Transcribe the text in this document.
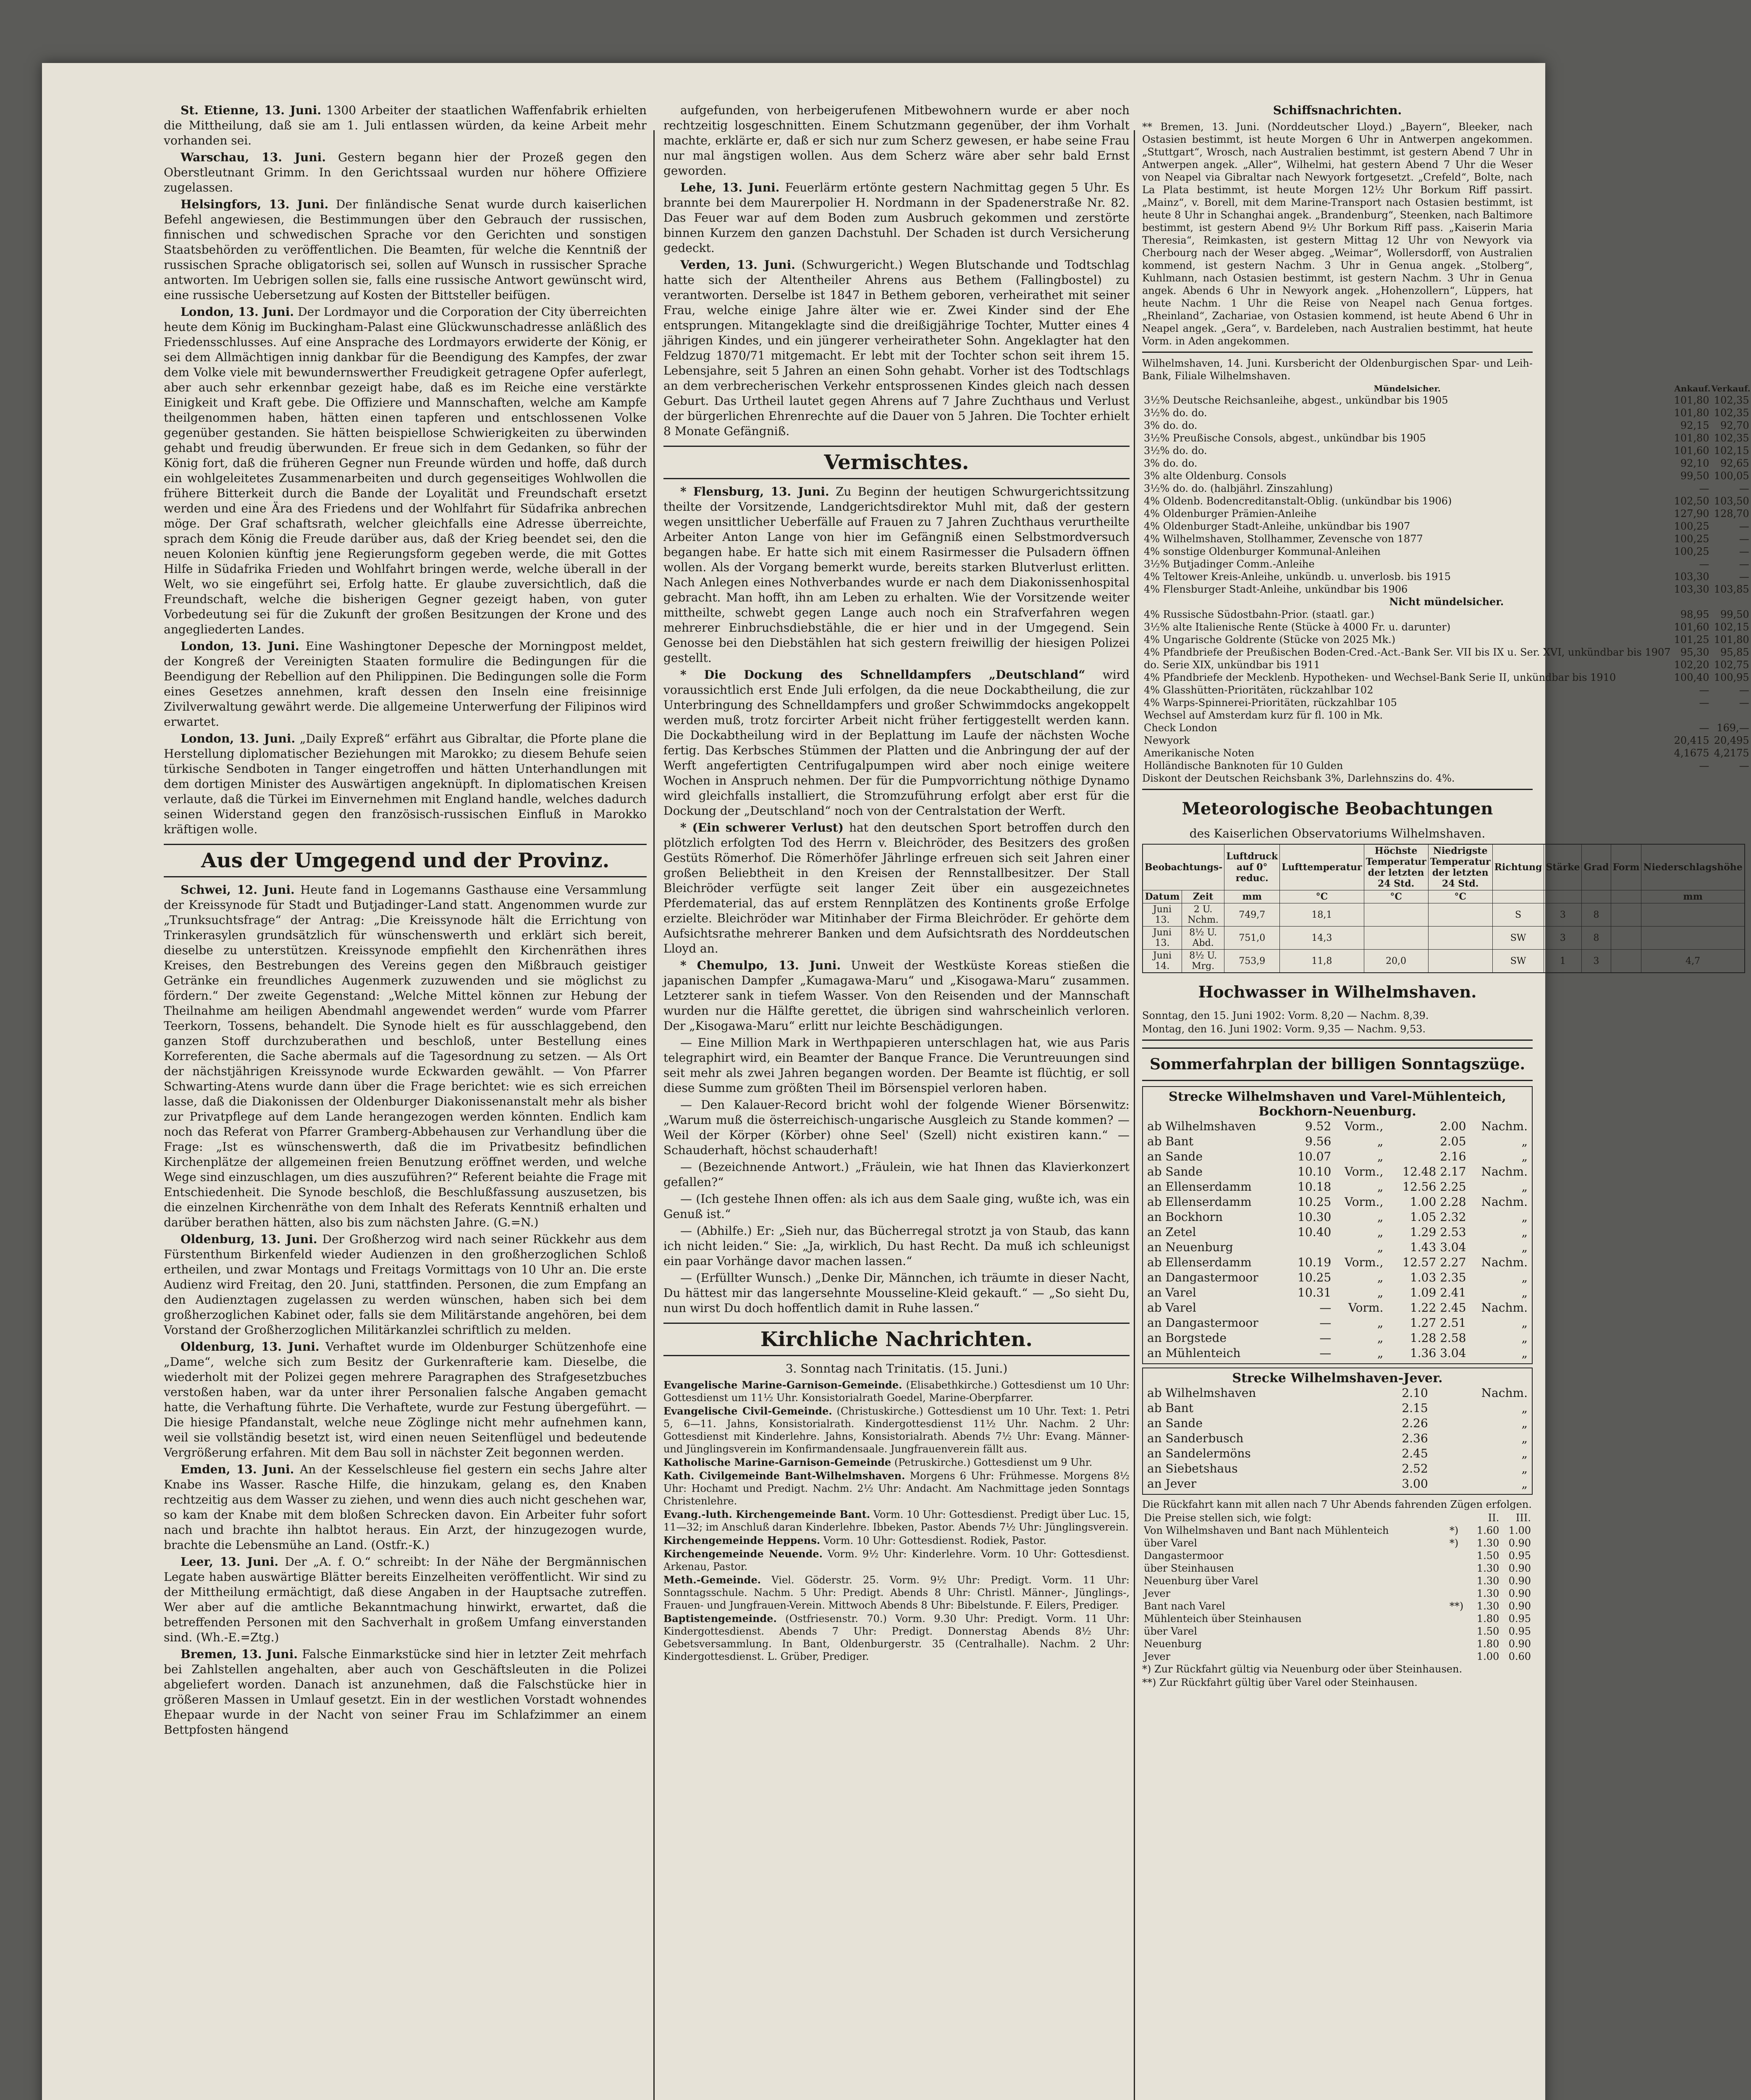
St. Etienne, 13. Juni. 1300 Arbeiter der staatlichen Waffenfabrik erhielten die Mittheilung, daß sie am 1. Juli entlassen würden, da keine Arbeit mehr vorhanden sei.

Warschau, 13. Juni. Gestern begann hier der Prozeß gegen den Oberstleutnant Grimm. In den Gerichtssaal wurden nur höhere Offiziere zugelassen.

Helsingfors, 13. Juni. Der finländische Senat wurde durch kaiserlichen Befehl angewiesen, die Bestimmungen über den Gebrauch der russischen, finnischen und schwedischen Sprache vor den Gerichten und sonstigen Staatsbehörden zu veröffentlichen. Die Beamten, für welche die Kenntniß der russischen Sprache obligatorisch sei, sollen auf Wunsch in russischer Sprache antworten. Im Uebrigen sollen sie, falls eine russische Antwort gewünscht wird, eine russische Uebersetzung auf Kosten der Bittsteller beifügen.

London, 13. Juni. Der Lordmayor und die Corporation der City überreichten heute dem König im Buckingham-Palast eine Glückwunschadresse anläßlich des Friedensschlusses. Auf eine Ansprache des Lordmayors erwiderte der König, er sei dem Allmächtigen innig dankbar für die Beendigung des Kampfes, der zwar dem Volke viele mit bewundernswerther Freudigkeit getragene Opfer auferlegt, aber auch sehr erkennbar gezeigt habe, daß es im Reiche eine verstärkte Einigkeit und Kraft gebe. Die Offiziere und Mannschaften, welche am Kampfe theilgenommen haben, hätten einen tapferen und entschlossenen Volke gegenüber gestanden. Sie hätten beispiellose Schwierigkeiten zu überwinden gehabt und freudig überwunden. Er freue sich in dem Gedanken, so führ der König fort, daß die früheren Gegner nun Freunde würden und hoffe, daß durch ein wohlgeleitetes Zusammenarbeiten und durch gegenseitiges Wohlwollen die frühere Bitterkeit durch die Bande der Loyalität und Freundschaft ersetzt werden und eine Ära des Friedens und der Wohlfahrt für Südafrika anbrechen möge. Der Graf schaftsrath, welcher gleichfalls eine Adresse überreichte, sprach dem König die Freude darüber aus, daß der Krieg beendet sei, den die neuen Kolonien künftig jene Regierungsform gegeben werde, die mit Gottes Hilfe in Südafrika Frieden und Wohlfahrt bringen werde, welche überall in der Welt, wo sie eingeführt sei, Erfolg hatte. Er glaube zuversichtlich, daß die Freundschaft, welche die bisherigen Gegner gezeigt haben, von guter Vorbedeutung sei für die Zukunft der großen Besitzungen der Krone und des angegliederten Landes.

London, 13. Juni. Eine Washingtoner Depesche der Morningpost meldet, der Kongreß der Vereinigten Staaten formulire die Bedingungen für die Beendigung der Rebellion auf den Philippinen. Die Bedingungen solle die Form eines Gesetzes annehmen, kraft dessen den Inseln eine freisinnige Zivilverwaltung gewährt werde. Die allgemeine Unterwerfung der Filipinos wird erwartet.

London, 13. Juni. „Daily Expreß“ erfährt aus Gibraltar, die Pforte plane die Herstellung diplomatischer Beziehungen mit Marokko; zu diesem Behufe seien türkische Sendboten in Tanger eingetroffen und hätten Unterhandlungen mit dem dortigen Minister des Auswärtigen angeknüpft. In diplomatischen Kreisen verlaute, daß die Türkei im Einvernehmen mit England handle, welches dadurch seinen Widerstand gegen den französisch-russischen Einfluß in Marokko kräftigen wolle.

Aus der Umgegend und der Provinz.

Schwei, 12. Juni. Heute fand in Logemanns Gasthause eine Versammlung der Kreissynode für Stadt und Butjadinger-Land statt. Angenommen wurde zur „Trunksuchtsfrage“ der Antrag: „Die Kreissynode hält die Errichtung von Trinkerasylen grundsätzlich für wünschenswerth und erklärt sich bereit, dieselbe zu unterstützen. Kreissynode empfiehlt den Kirchenräthen ihres Kreises, den Bestrebungen des Vereins gegen den Mißbrauch geistiger Getränke ein freundliches Augenmerk zuzuwenden und sie möglichst zu fördern.“ Der zweite Gegenstand: „Welche Mittel können zur Hebung der Theilnahme am heiligen Abendmahl angewendet werden“ wurde vom Pfarrer Teerkorn, Tossens, behandelt. Die Synode hielt es für ausschlaggebend, den ganzen Stoff durchzuberathen und beschloß, unter Bestellung eines Korreferenten, die Sache abermals auf die Tagesordnung zu setzen. — Als Ort der nächstjährigen Kreissynode wurde Eckwarden gewählt. — Von Pfarrer Schwarting-Atens wurde dann über die Frage berichtet: wie es sich erreichen lasse, daß die Diakonissen der Oldenburger Diakonissenanstalt mehr als bisher zur Privatpflege auf dem Lande herangezogen werden könnten. Endlich kam noch das Referat von Pfarrer Gramberg-Abbehausen zur Verhandlung über die Frage: „Ist es wünschenswerth, daß die im Privatbesitz befindlichen Kirchenplätze der allgemeinen freien Benutzung eröffnet werden, und welche Wege sind einzuschlagen, um dies auszuführen?“ Referent beiahte die Frage mit Entschiedenheit. Die Synode beschloß, die Beschlußfassung auszusetzen, bis die einzelnen Kirchenräthe von dem Inhalt des Referats Kenntniß erhalten und darüber berathen hätten, also bis zum nächsten Jahre. (G.=N.)

Oldenburg, 13. Juni. Der Großherzog wird nach seiner Rückkehr aus dem Fürstenthum Birkenfeld wieder Audienzen in den großherzoglichen Schloß ertheilen, und zwar Montags und Freitags Vormittags von 10 Uhr an. Die erste Audienz wird Freitag, den 20. Juni, stattfinden. Personen, die zum Empfang an den Audienztagen zugelassen zu werden wünschen, haben sich bei dem großherzoglichen Kabinet oder, falls sie dem Militärstande angehören, bei dem Vorstand der Großherzoglichen Militärkanzlei schriftlich zu melden.

Oldenburg, 13. Juni. Verhaftet wurde im Oldenburger Schützenhofe eine „Dame“, welche sich zum Besitz der Gurkenrafterie kam. Dieselbe, die wiederholt mit der Polizei gegen mehrere Paragraphen des Strafgesetzbuches verstoßen haben, war da unter ihrer Personalien falsche Angaben gemacht hatte, die Verhaftung führte. Die Verhaftete, wurde zur Festung übergeführt. — Die hiesige Pfandanstalt, welche neue Zöglinge nicht mehr aufnehmen kann, weil sie vollständig besetzt ist, wird einen neuen Seitenflügel und bedeutende Vergrößerung erfahren. Mit dem Bau soll in nächster Zeit begonnen werden.

Emden, 13. Juni. An der Kesselschleuse fiel gestern ein sechs Jahre alter Knabe ins Wasser. Rasche Hilfe, die hinzukam, gelang es, den Knaben rechtzeitig aus dem Wasser zu ziehen, und wenn dies auch nicht geschehen war, so kam der Knabe mit dem bloßen Schrecken davon. Ein Arbeiter fuhr sofort nach und brachte ihn halbtot heraus. Ein Arzt, der hinzugezogen wurde, brachte die Lebensmühe an Land. (Ostfr.-K.)

Leer, 13. Juni. Der „A. f. O.“ schreibt: In der Nähe der Bergmännischen Legate haben auswärtige Blätter bereits Einzelheiten veröffentlicht. Wir sind zu der Mittheilung ermächtigt, daß diese Angaben in der Hauptsache zutreffen. Wer aber auf die amtliche Bekanntmachung hinwirkt, erwartet, daß die betreffenden Personen mit den Sachverhalt in großem Umfang einverstanden sind. (Wh.-E.=Ztg.)

Bremen, 13. Juni. Falsche Einmarkstücke sind hier in letzter Zeit mehrfach bei Zahlstellen angehalten, aber auch von Geschäftsleuten in die Polizei abgeliefert worden. Danach ist anzunehmen, daß die Falschstücke hier in größeren Massen in Umlauf gesetzt. Ein in der westlichen Vorstadt wohnendes Ehepaar wurde in der Nacht von seiner Frau im Schlafzimmer an einem Bettpfosten hängend

aufgefunden, von herbeigerufenen Mitbewohnern wurde er aber noch rechtzeitig losgeschnitten. Einem Schutzmann gegenüber, der ihm Vorhalt machte, erklärte er, daß er sich nur zum Scherz gewesen, er habe seine Frau nur mal ängstigen wollen. Aus dem Scherz wäre aber sehr bald Ernst geworden.

Lehe, 13. Juni. Feuerlärm ertönte gestern Nachmittag gegen 5 Uhr. Es brannte bei dem Maurerpolier H. Nordmann in der Spadenerstraße Nr. 82. Das Feuer war auf dem Boden zum Ausbruch gekommen und zerstörte binnen Kurzem den ganzen Dachstuhl. Der Schaden ist durch Versicherung gedeckt.

Verden, 13. Juni. (Schwurgericht.) Wegen Blutschande und Todtschlag hatte sich der Altentheiler Ahrens aus Bethem (Fallingbostel) zu verantworten. Derselbe ist 1847 in Bethem geboren, verheirathet mit seiner Frau, welche einige Jahre älter wie er. Zwei Kinder sind der Ehe entsprungen. Mitangeklagte sind die dreißigjährige Tochter, Mutter eines 4 jährigen Kindes, und ein jüngerer verheiratheter Sohn. Angeklagter hat den Feldzug 1870/71 mitgemacht. Er lebt mit der Tochter schon seit ihrem 15. Lebensjahre, seit 5 Jahren an einen Sohn gehabt. Vorher ist des Todtschlags an dem verbrecherischen Verkehr entsprossenen Kindes gleich nach dessen Geburt. Das Urtheil lautet gegen Ahrens auf 7 Jahre Zuchthaus und Verlust der bürgerlichen Ehrenrechte auf die Dauer von 5 Jahren. Die Tochter erhielt 8 Monate Gefängniß.

Vermischtes.

* Flensburg, 13. Juni. Zu Beginn der heutigen Schwurgerichtssitzung theilte der Vorsitzende, Landgerichtsdirektor Muhl mit, daß der gestern wegen unsittlicher Ueberfälle auf Frauen zu 7 Jahren Zuchthaus verurtheilte Arbeiter Anton Lange von hier im Gefängniß einen Selbstmordversuch begangen habe. Er hatte sich mit einem Rasirmesser die Pulsadern öffnen wollen. Als der Vorgang bemerkt wurde, bereits starken Blutverlust erlitten. Nach Anlegen eines Nothverbandes wurde er nach dem Diakonissenhospital gebracht. Man hofft, ihn am Leben zu erhalten. Wie der Vorsitzende weiter mittheilte, schwebt gegen Lange auch noch ein Strafverfahren wegen mehrerer Einbruchsdiebstähle, die er hier und in der Umgegend. Sein Genosse bei den Diebstählen hat sich gestern freiwillig der hiesigen Polizei gestellt.

* Die Dockung des Schnelldampfers „Deutschland“ wird voraussichtlich erst Ende Juli erfolgen, da die neue Dockabtheilung, die zur Unterbringung des Schnelldampfers und großer Schwimmdocks angekoppelt werden muß, trotz forcirter Arbeit nicht früher fertiggestellt werden kann. Die Dockabtheilung wird in der Beplattung im Laufe der nächsten Woche fertig. Das Kerbsches Stümmen der Platten und die Anbringung der auf der Werft angefertigten Centrifugalpumpen wird aber noch einige weitere Wochen in Anspruch nehmen. Der für die Pumpvorrichtung nöthige Dynamo wird gleichfalls installiert, die Stromzuführung erfolgt aber erst für die Dockung der „Deutschland“ noch von der Centralstation der Werft.

* (Ein schwerer Verlust) hat den deutschen Sport betroffen durch den plötzlich erfolgten Tod des Herrn v. Bleichröder, des Besitzers des großen Gestüts Römerhof. Die Römerhöfer Jährlinge erfreuen sich seit Jahren einer großen Beliebtheit in den Kreisen der Rennstallbesitzer. Der Stall Bleichröder verfügte seit langer Zeit über ein ausgezeichnetes Pferdematerial, das auf erstem Rennplätzen des Kontinents große Erfolge erzielte. Bleichröder war Mitinhaber der Firma Bleichröder. Er gehörte dem Aufsichtsrathe mehrerer Banken und dem Aufsichtsrath des Norddeutschen Lloyd an.

* Chemulpo, 13. Juni. Unweit der Westküste Koreas stießen die japanischen Dampfer „Kumagawa-Maru“ und „Kisogawa-Maru“ zusammen. Letzterer sank in tiefem Wasser. Von den Reisenden und der Mannschaft wurden nur die Hälfte gerettet, die übrigen sind wahrscheinlich verloren. Der „Kisogawa-Maru“ erlitt nur leichte Beschädigungen.

— Eine Million Mark in Werthpapieren unterschlagen hat, wie aus Paris telegraphirt wird, ein Beamter der Banque France. Die Veruntreuungen sind seit mehr als zwei Jahren begangen worden. Der Beamte ist flüchtig, er soll diese Summe zum größten Theil im Börsenspiel verloren haben.

— Den Kalauer-Record bricht wohl der folgende Wiener Börsenwitz: „Warum muß die österreichisch-ungarische Ausgleich zu Stande kommen? — Weil der Körper (Körber) ohne Seel' (Szell) nicht existiren kann.“ — Schauderhaft, höchst schauderhaft!

— (Bezeichnende Antwort.) „Fräulein, wie hat Ihnen das Klavierkonzert gefallen?“

— (Ich gestehe Ihnen offen: als ich aus dem Saale ging, wußte ich, was ein Genuß ist.“

— (Abhilfe.) Er: „Sieh nur, das Bücherregal strotzt ja von Staub, das kann ich nicht leiden.“ Sie: „Ja, wirklich, Du hast Recht. Da muß ich schleunigst ein paar Vorhänge davor machen lassen.“

— (Erfüllter Wunsch.) „Denke Dir, Männchen, ich träumte in dieser Nacht, Du hättest mir das langersehnte Mousseline-Kleid gekauft.“ — „So sieht Du, nun wirst Du doch hoffentlich damit in Ruhe lassen.“

Kirchliche Nachrichten.
3. Sonntag nach Trinitatis. (15. Juni.)

Evangelische Marine-Garnison-Gemeinde. (Elisabethkirche.) Gottesdienst um 10 Uhr: Gottesdienst um 11½ Uhr. Konsistorialrath Goedel, Marine-Oberpfarrer.

Evangelische Civil-Gemeinde. (Christuskirche.) Gottesdienst um 10 Uhr. Text: 1. Petri 5, 6—11. Jahns, Konsistorialrath. Kindergottesdienst 11½ Uhr. Nachm. 2 Uhr: Gottesdienst mit Kinderlehre. Jahns, Konsistorialrath. Abends 7½ Uhr: Evang. Männer- und Jünglingsverein im Konfirmandensaale. Jungfrauenverein fällt aus.

Katholische Marine-Garnison-Gemeinde (Petruskirche.) Gottesdienst um 9 Uhr.

Kath. Civilgemeinde Bant-Wilhelmshaven. Morgens 6 Uhr: Frühmesse. Morgens 8½ Uhr: Hochamt und Predigt. Nachm. 2½ Uhr: Andacht. Am Nachmittage jeden Sonntags Christenlehre.

Evang.-luth. Kirchengemeinde Bant. Vorm. 10 Uhr: Gottesdienst. Predigt über Luc. 15, 11—32; im Anschluß daran Kinderlehre. Ibbeken, Pastor. Abends 7½ Uhr: Jünglingsverein.

Kirchengemeinde Heppens. Vorm. 10 Uhr: Gottesdienst. Rodiek, Pastor.

Kirchengemeinde Neuende. Vorm. 9½ Uhr: Kinderlehre. Vorm. 10 Uhr: Gottesdienst. Arkenau, Pastor.

Meth.-Gemeinde. Viel. Göderstr. 25. Vorm. 9½ Uhr: Predigt. Vorm. 11 Uhr: Sonntagsschule. Nachm. 5 Uhr: Predigt. Abends 8 Uhr: Christl. Männer-, Jünglings-, Frauen- und Jungfrauen-Verein. Mittwoch Abends 8 Uhr: Bibelstunde. F. Eilers, Prediger.

Baptistengemeinde. (Ostfriesenstr. 70.) Vorm. 9.30 Uhr: Predigt. Vorm. 11 Uhr: Kindergottesdienst. Abends 7 Uhr: Predigt. Donnerstag Abends 8½ Uhr: Gebetsversammlung. In Bant, Oldenburgerstr. 35 (Centralhalle). Nachm. 2 Uhr: Kindergottesdienst. L. Grüber, Prediger.

Schiffsnachrichten.

** Bremen, 13. Juni. (Norddeutscher Lloyd.) „Bayern“, Bleeker, nach Ostasien bestimmt, ist heute Morgen 6 Uhr in Antwerpen angekommen. „Stuttgart“, Wrosch, nach Australien bestimmt, ist gestern Abend 7 Uhr in Antwerpen angek. „Aller“, Wilhelmi, hat gestern Abend 7 Uhr die Weser von Neapel via Gibraltar nach Newyork fortgesetzt. „Crefeld“, Bolte, nach La Plata bestimmt, ist heute Morgen 12½ Uhr Borkum Riff passirt. „Mainz“, v. Borell, mit dem Marine-Transport nach Ostasien bestimmt, ist heute 8 Uhr in Schanghai angek. „Brandenburg“, Steenken, nach Baltimore bestimmt, ist gestern Abend 9½ Uhr Borkum Riff pass. „Kaiserin Maria Theresia“, Reimkasten, ist gestern Mittag 12 Uhr von Newyork via Cherbourg nach der Weser abgeg. „Weimar“, Wollersdorff, von Australien kommend, ist gestern Nachm. 3 Uhr in Genua angek. „Stolberg“, Kuhlmann, nach Ostasien bestimmt, ist gestern Nachm. 3 Uhr in Genua angek. Abends 6 Uhr in Newyork angek. „Hohenzollern“, Lüppers, hat heute Nachm. 1 Uhr die Reise von Neapel nach Genua fortges. „Rheinland“, Zachariae, von Ostasien kommend, ist heute Abend 6 Uhr in Neapel angek. „Gera“, v. Bardeleben, nach Australien bestimmt, hat heute Vorm. in Aden angekommen.

Wilhelmshaven, 14. Juni. Kursbericht der Oldenburgischen Spar- und Leih-Bank, Filiale Wilhelmshaven.

Mündelsicher.	Ankauf.	Verkauf.
3½% Deutsche Reichsanleihe, abgest., unkündbar bis 1905	101,80	102,35
3½% do. do.	101,80	102,35
3% do. do.	92,15	92,70
3½% Preußische Consols, abgest., unkündbar bis 1905	101,80	102,35
3½% do. do.	101,60	102,15
3% do. do.	92,10	92,65
3% alte Oldenburg. Consols	99,50	100,05
3½% do. do. (halbjährl. Zinszahlung)	—	—
4% Oldenb. Bodencreditanstalt-Oblig. (unkündbar bis 1906)	102,50	103,50
4% Oldenburger Prämien-Anleihe	127,90	128,70
4% Oldenburger Stadt-Anleihe, unkündbar bis 1907	100,25	—
4% Wilhelmshaven, Stollhammer, Zevensche von 1877	100,25	—
4% sonstige Oldenburger Kommunal-Anleihen	100,25	—
3½% Butjadinger Comm.-Anleihe	—	—
4% Teltower Kreis-Anleihe, unkündb. u. unverlosb. bis 1915	103,30	—
4% Flensburger Stadt-Anleihe, unkündbar bis 1906	103,30	103,85
Nicht mündelsicher.		
4% Russische Südostbahn-Prior. (staatl. gar.)	98,95	99,50
3½% alte Italienische Rente (Stücke à 4000 Fr. u. darunter)	101,60	102,15
4% Ungarische Goldrente (Stücke von 2025 Mk.)	101,25	101,80
4% Pfandbriefe der Preußischen Boden-Cred.-Act.-Bank Ser. VII bis IX u. Ser. XVI, unkündbar bis 1907	95,30	95,85
do. Serie XIX, unkündbar bis 1911	102,20	102,75
4% Pfandbriefe der Mecklenb. Hypotheken- und Wechsel-Bank Serie II, unkündbar bis 1910	100,40	100,95
4% Glasshütten-Prioritäten, rückzahlbar 102	—	—
4% Warps-Spinnerei-Prioritäten, rückzahlbar 105	—	—
Wechsel auf Amsterdam kurz für fl. 100 in Mk.		
Check London	—	169,—
Newyork	20,415	20,495
Amerikanische Noten	4,1675	4,2175
Holländische Banknoten für 10 Gulden	—	—

Diskont der Deutschen Reichsbank 3%, Darlehnszins do. 4%.

Meteorologische Beobachtungen
des Kaiserlichen Observatoriums Wilhelmshaven.
Beobachtungs-		Luftdruck auf 0° reduc.	Lufttemperatur	Höchste Temperatur der letzten 24 Std.	Niedrigste Temperatur der letzten 24 Std.	Richtung	Stärke	Grad	Form	Niederschlagshöhe
Datum	Zeit	mm	°C	°C	°C					mm
Juni 13.	2 U. Nchm.	749,7	18,1			S	3	8		
Juni 13.	8½ U. Abd.	751,0	14,3			SW	3	8		
Juni 14.	8½ U. Mrg.	753,9	11,8	20,0		SW	1	3		4,7
Hochwasser in Wilhelmshaven.

Sonntag, den 15. Juni 1902: Vorm. 8,20 — Nachm. 8,39.

Montag, den 16. Juni 1902: Vorm. 9,35 — Nachm. 9,53.

Sommerfahrplan der billigen Sonntagszüge.
Strecke Wilhelmshaven und Varel-Mühlenteich, Bockhorn-Neuenburg.
ab Wilhelmshaven	9.52	Vorm.,	2.00	Nachm.
ab Bant	9.56	„	2.05	„
an Sande	10.07	„	2.16	„
ab Sande	10.10	Vorm.,	12.48 2.17	Nachm.
an Ellenserdamm	10.18	„	12.56 2.25	„
ab Ellenserdamm	10.25	Vorm.,	1.00 2.28	Nachm.
an Bockhorn	10.30	„	1.05 2.32	„
an Zetel	10.40	„	1.29 2.53	„
an Neuenburg		„	1.43 3.04	„
ab Ellenserdamm	10.19	Vorm.,	12.57 2.27	Nachm.
an Dangastermoor	10.25	„	1.03 2.35	„
an Varel	10.31	„	1.09 2.41	„
ab Varel	—	Vorm.	1.22 2.45	Nachm.
an Dangastermoor	—	„	1.27 2.51	„
an Borgstede	—	„	1.28 2.58	„
an Mühlenteich	—	„	1.36 3.04	„
Strecke Wilhelmshaven-Jever.
ab Wilhelmshaven	2.10	Nachm.
ab Bant	2.15	„
an Sande	2.26	„
an Sanderbusch	2.36	„
an Sandelermöns	2.45	„
an Siebetshaus	2.52	„
an Jever	3.00	„

Die Rückfahrt kann mit allen nach 7 Uhr Abends fahrenden Zügen erfolgen.

Die Preise stellen sich, wie folgt:		II.	III.
Von Wilhelmshaven und Bant nach Mühlenteich	*)	1.60	1.00
über Varel	*)	1.30	0.90
Dangastermoor		1.50	0.95
über Steinhausen		1.30	0.90
Neuenburg über Varel		1.30	0.90
Jever		1.30	0.90
Bant nach Varel	**)	1.30	0.90
Mühlenteich über Steinhausen		1.80	0.95
über Varel		1.50	0.95
Neuenburg		1.80	0.90
Jever		1.00	0.60

*) Zur Rückfahrt gültig via Neuenburg oder über Steinhausen.

**) Zur Rückfahrt gültig über Varel oder Steinhausen.
